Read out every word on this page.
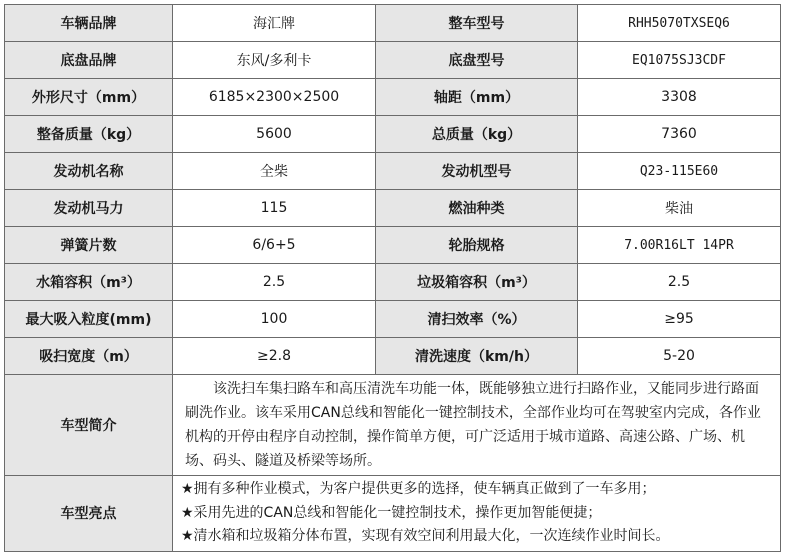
车辆品牌	海汇牌	整车型号	RHH5070TXSEQ6
底盘品牌	东风/多利卡	底盘型号	EQ1075SJ3CDF
外形尺寸（mm）	6185×2300×2500	轴距（mm）	3308
整备质量（kg）	5600	总质量（kg）	7360
发动机名称	全柴	发动机型号	Q23-115E60
发动机马力	115	燃油种类	柴油
弹簧片数	6/6+5	轮胎规格	7.00R16LT 14PR
水箱容积（m³）	2.5	垃圾箱容积（m³）	2.5
最大吸入粒度(mm)	100	清扫效率（%）	≥95
吸扫宽度（m）	≥2.8	清洗速度（km/h）	5-20
车型简介	该洗扫车集扫路车和高压清洗车功能一体，既能够独立进行扫路作业，又能同步进行路面刷洗作业。该车采用CAN总线和智能化一键控制技术，全部作业均可在驾驶室内完成，各作业机构的开停由程序自动控制，操作简单方便，可广泛适用于城市道路、高速公路、广场、机场、码头、隧道及桥梁等场所。		

车型亮点	★拥有多种作业模式，为客户提供更多的选择，使车辆真正做到了一车多用；
★采用先进的CAN总线和智能化一键控制技术，操作更加智能便捷；
★清水箱和垃圾箱分体布置，实现有效空间利用最大化，一次连续作业时间长。		
